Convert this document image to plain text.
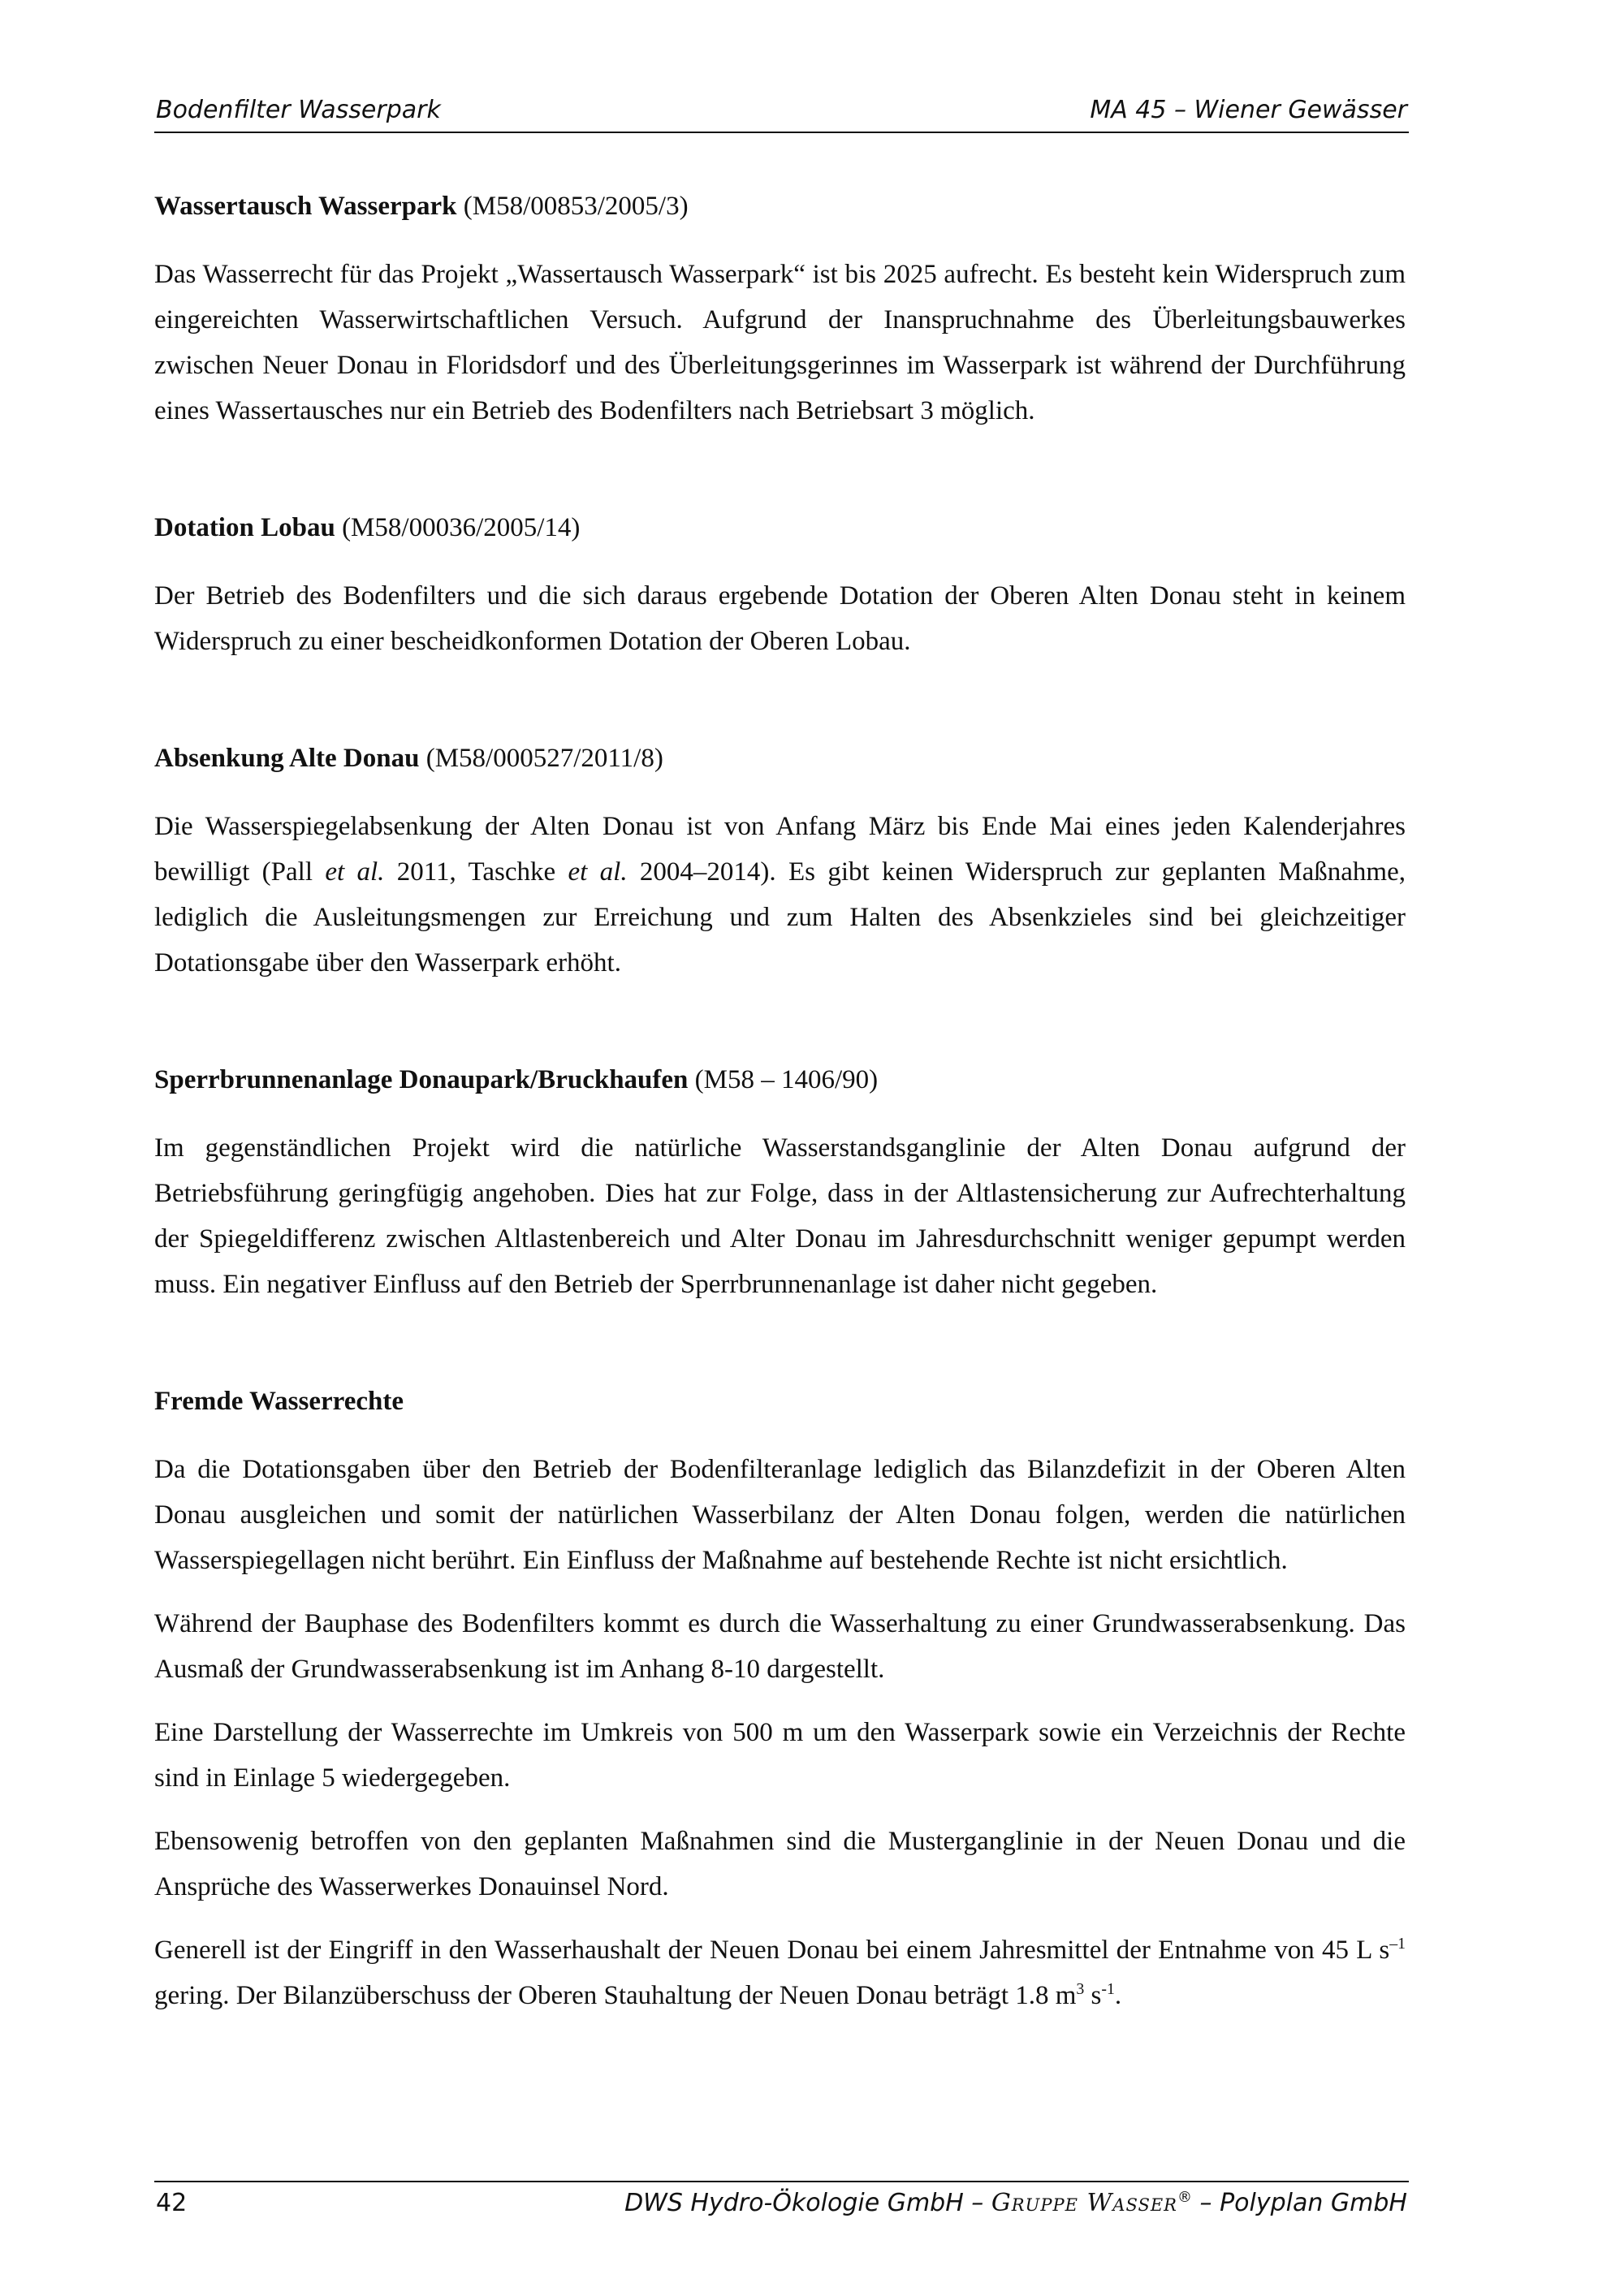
Bodenfilter Wasserpark	MA 45 – Wiener Gewässer
Wassertausch Wasserpark (M58/00853/2005/3)

Das Wasserrecht für das Projekt „Wassertausch Wasserpark“ ist bis 2025 aufrecht. Es besteht kein Widerspruch zum eingereichten Wasserwirtschaftlichen Versuch. Aufgrund der Inanspruchnahme des Überleitungsbauwerkes zwischen Neuer Donau in Floridsdorf und des Überleitungsgerinnes im Wasserpark ist während der Durchführung eines Wassertausches nur ein Betrieb des Bodenfilters nach Betriebsart 3 möglich.

Dotation Lobau (M58/00036/2005/14)

Der Betrieb des Bodenfilters und die sich daraus ergebende Dotation der Oberen Alten Donau steht in keinem Widerspruch zu einer bescheidkonformen Dotation der Oberen Lobau.

Absenkung Alte Donau (M58/000527/2011/8)

Die Wasserspiegelabsenkung der Alten Donau ist von Anfang März bis Ende Mai eines jeden Kalenderjahres bewilligt (Pall et al. 2011, Taschke et al. 2004–2014). Es gibt keinen Widerspruch zur geplanten Maßnahme, lediglich die Ausleitungsmengen zur Erreichung und zum Halten des Absenkzieles sind bei gleichzeitiger Dotationsgabe über den Wasserpark erhöht.

Sperrbrunnenanlage Donaupark/Bruckhaufen (M58 – 1406/90)

Im gegenständlichen Projekt wird die natürliche Wasserstandsganglinie der Alten Donau aufgrund der Betriebsführung geringfügig angehoben. Dies hat zur Folge, dass in der Altlastensicherung zur Aufrechterhaltung der Spiegeldifferenz zwischen Altlastenbereich und Alter Donau im Jahresdurchschnitt weniger gepumpt werden muss. Ein negativer Einfluss auf den Betrieb der Sperrbrunnenanlage ist daher nicht gegeben.

Fremde Wasserrechte

Da die Dotationsgaben über den Betrieb der Bodenfilteranlage lediglich das Bilanzdefizit in der Oberen Alten Donau ausgleichen und somit der natürlichen Wasserbilanz der Alten Donau folgen, werden die natürlichen Wasserspiegellagen nicht berührt. Ein Einfluss der Maßnahme auf bestehende Rechte ist nicht ersichtlich.

Während der Bauphase des Bodenfilters kommt es durch die Wasserhaltung zu einer Grundwasserabsenkung. Das Ausmaß der Grundwasserabsenkung ist im Anhang 8-10 dargestellt.

Eine Darstellung der Wasserrechte im Umkreis von 500 m um den Wasserpark sowie ein Verzeichnis der Rechte sind in Einlage 5 wiedergegeben.

Ebensowenig betroffen von den geplanten Maßnahmen sind die Musterganglinie in der Neuen Donau und die Ansprüche des Wasserwerkes Donauinsel Nord.

Generell ist der Eingriff in den Wasserhaushalt der Neuen Donau bei einem Jahresmittel der Entnahme von 45 L $s^{-1}$ gering. Der Bilanzüberschuss der Oberen Stauhaltung der Neuen Donau beträgt 1.8 $m^3$ $s^{-1}$.

42	DWS Hydro-Ökologie GmbH – Gruppe Wasser® – Polyplan GmbH
